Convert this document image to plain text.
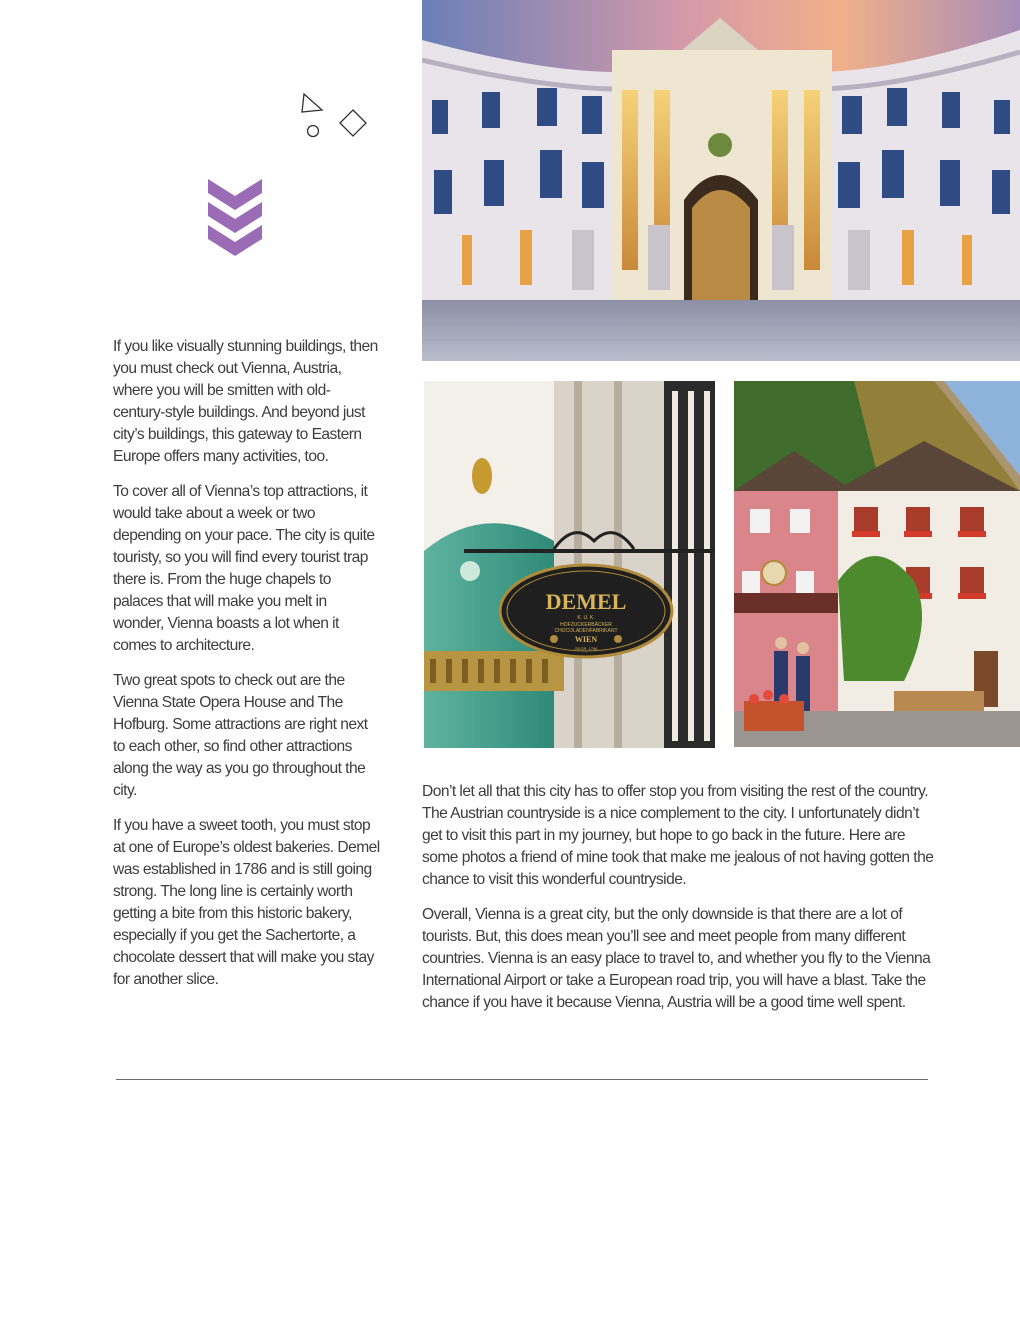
If you like visually stunning buildings, then you must check out Vienna, Austria, where you will be smitten with old-century-style buildings. And beyond just city’s buildings, this gateway to Eastern Europe offers many activities, too.

To cover all of Vienna’s top attractions, it would take about a week or two depending on your pace. The city is quite touristy, so you will find every tourist trap there is. From the huge chapels to palaces that will make you melt in wonder, Vienna boasts a lot when it comes to architecture.

Two great spots to check out are the Vienna State Opera House and The Hofburg. Some attractions are right next to each other, so find other attractions along the way as you go throughout the city.

If you have a sweet tooth, you must stop at one of Europe’s oldest bakeries. Demel was established in 1786 and is still going strong. The long line is certainly worth getting a bite from this historic bakery, especially if you get the Sachertorte, a chocolate dessert that will make you stay for another slice.

DEMEL
K. U. K.
HOFZUCKERBÄCKER
CHOCOLADENFABRIKANT
WIEN
GEGR. 1786

Don’t let all that this city has to offer stop you from visiting the rest of the country. The Austrian countryside is a nice complement to the city. I unfortunately didn’t get to visit this part in my journey, but hope to go back in the future. Here are some photos a friend of mine took that make me jealous of not having gotten the chance to visit this wonderful countryside.

Overall, Vienna is a great city, but the only downside is that there are a lot of tourists. But, this does mean you’ll see and meet people from many different countries. Vienna is an easy place to travel to, and whether you fly to the Vienna International Airport or take a European road trip, you will have a blast. Take the chance if you have it because Vienna, Austria will be a good time well spent.
